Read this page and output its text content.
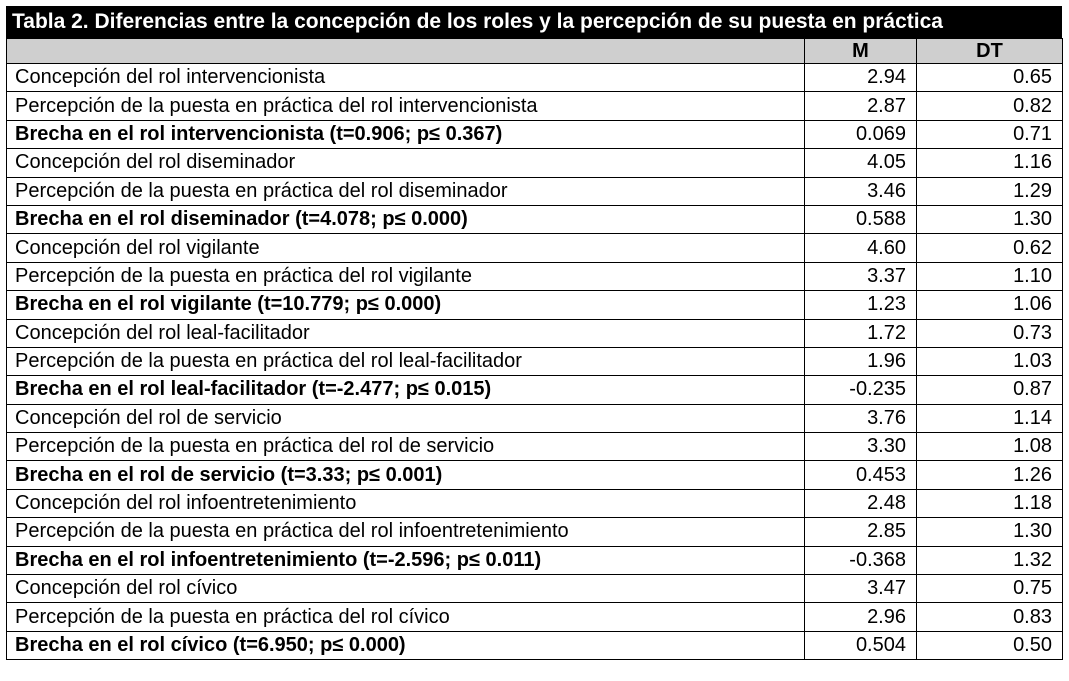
Tabla 2. Diferencias entre la concepción de los roles y la percepción de su puesta en práctica
	M	DT
Concepción del rol intervencionista	2.94	0.65
Percepción de la puesta en práctica del rol intervencionista	2.87	0.82
Brecha en el rol intervencionista (t=0.906; p≤ 0.367)	0.069	0.71
Concepción del rol diseminador	4.05	1.16
Percepción de la puesta en práctica del rol diseminador	3.46	1.29
Brecha en el rol diseminador (t=4.078; p≤ 0.000)	0.588	1.30
Concepción del rol vigilante	4.60	0.62
Percepción de la puesta en práctica del rol vigilante	3.37	1.10
Brecha en el rol vigilante (t=10.779; p≤ 0.000)	1.23	1.06
Concepción del rol leal-facilitador	1.72	0.73
Percepción de la puesta en práctica del rol leal-facilitador	1.96	1.03
Brecha en el rol leal-facilitador (t=-2.477; p≤ 0.015)	-0.235	0.87
Concepción del rol de servicio	3.76	1.14
Percepción de la puesta en práctica del rol de servicio	3.30	1.08
Brecha en el rol de servicio (t=3.33; p≤ 0.001)	0.453	1.26
Concepción del rol infoentretenimiento	2.48	1.18
Percepción de la puesta en práctica del rol infoentretenimiento	2.85	1.30
Brecha en el rol infoentretenimiento (t=-2.596; p≤ 0.011)	-0.368	1.32
Concepción del rol cívico	3.47	0.75
Percepción de la puesta en práctica del rol cívico	2.96	0.83
Brecha en el rol cívico (t=6.950; p≤ 0.000)	0.504	0.50
